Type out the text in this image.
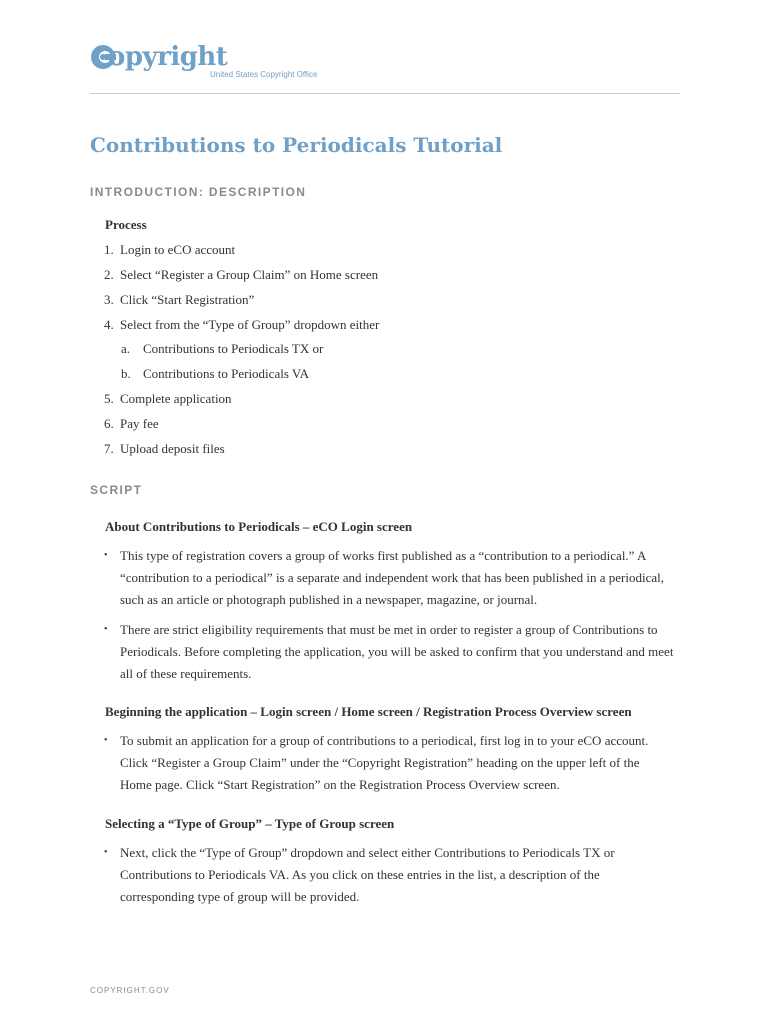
opyright
United States Copyright Office
Contributions to Periodicals Tutorial
INTRODUCTION: DESCRIPTION
Process
1. Login to eCO account
2. Select “Register a Group Claim” on Home screen
3. Click “Start Registration”
4. Select from the “Type of Group” dropdown either
a. Contributions to Periodicals TX or
b. Contributions to Periodicals VA
5. Complete application
6. Pay fee
7. Upload deposit files
SCRIPT
About Contributions to Periodicals – eCO Login screen
• This type of registration covers a group of works first published as a “contribution to a periodical.” A “contribution to a periodical” is a separate and independent work that has been published in a periodical, such as an article or photograph published in a newspaper, magazine, or journal.
• There are strict eligibility requirements that must be met in order to register a group of Contributions to Periodicals. Before completing the application, you will be asked to confirm that you understand and meet all of these requirements.
Beginning the application – Login screen / Home screen / Registration Process Overview screen
• To submit an application for a group of contributions to a periodical, first log in to your eCO account. Click “Register a Group Claim” under the “Copyright Registration” heading on the upper left of the Home page. Click “Start Registration” on the Registration Process Overview screen.
Selecting a “Type of Group” – Type of Group screen
• Next, click the “Type of Group” dropdown and select either Contributions to Periodicals TX or Contributions to Periodicals VA. As you click on these entries in the list, a description of the corresponding type of group will be provided.
COPYRIGHT.GOV
